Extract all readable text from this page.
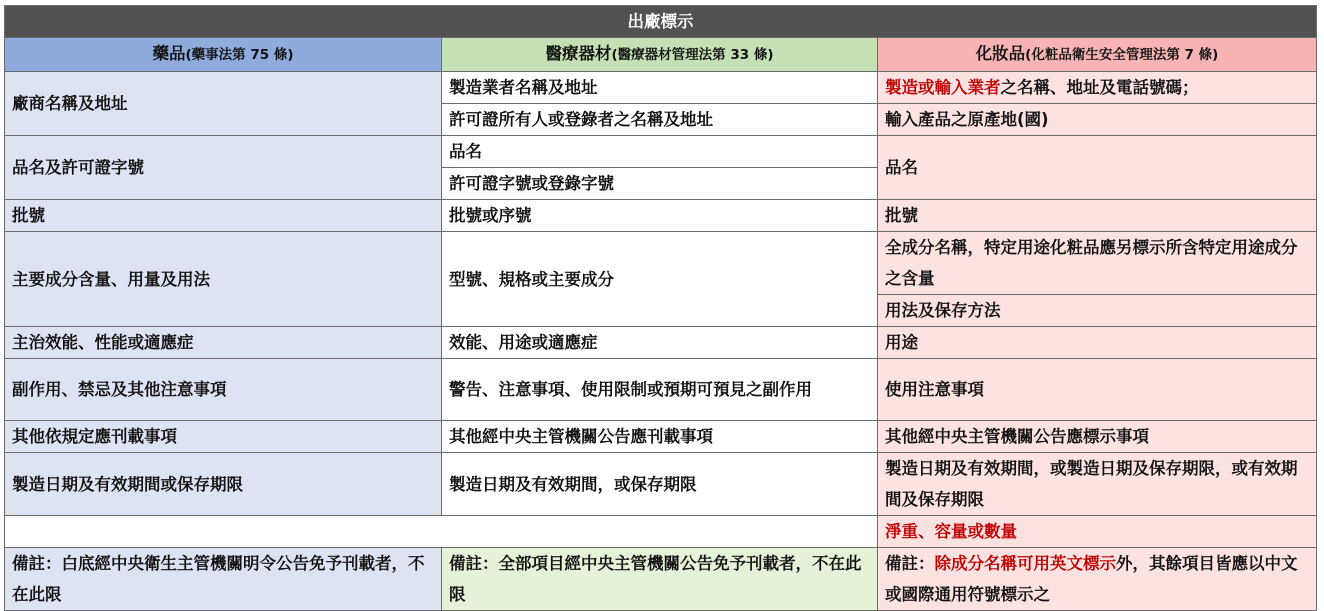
出廠標示		
藥品(藥事法第 75 條)	醫療器材(醫療器材管理法第 33 條)	化妝品(化粧品衛生安全管理法第 7 條)
廠商名稱及地址	製造業者名稱及地址	製造或輸入業者之名稱、地址及電話號碼；
	許可證所有人或登錄者之名稱及地址	輸入產品之原產地(國)
品名及許可證字號	品名	品名
	許可證字號或登錄字號	
批號	批號或序號	批號
主要成分含量、用量及用法	型號、規格或主要成分	全成分名稱，特定用途化粧品應另標示所含特定用途成分之含量
		用法及保存方法
主治效能、性能或適應症	效能、用途或適應症	用途
副作用、禁忌及其他注意事項	警告、注意事項、使用限制或預期可預見之副作用	使用注意事項
其他依規定應刊載事項	其他經中央主管機關公告應刊載事項	其他經中央主管機關公告應標示事項
製造日期及有效期間或保存期限	製造日期及有效期間，或保存期限	製造日期及有效期間，或製造日期及保存期限，或有效期間及保存期限
		淨重、容量或數量
備註：白底經中央衛生主管機關明令公告免予刊載者，不在此限	備註：全部項目經中央主管機關公告免予刊載者，不在此限	備註：除成分名稱可用英文標示外，其餘項目皆應以中文或國際通用符號標示之
